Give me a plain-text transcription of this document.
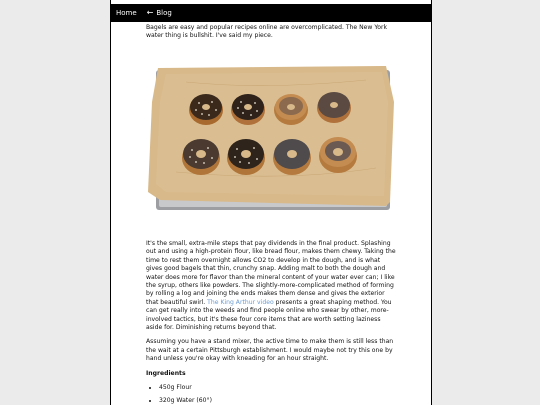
Home ← Blog

Bagels are easy and popular recipes online are overcomplicated. The New York water thing is bullshit. I've said my piece.

It's the small, extra-mile steps that pay dividends in the final product. Splashing out and using a high-protein flour, like bread flour, makes them chewy. Taking the time to rest them overnight allows CO2 to develop in the dough, and is what gives good bagels that thin, crunchy snap. Adding malt to both the dough and water does more for flavor than the mineral content of your water ever can; I like the syrup, others like powders. The slightly-more-complicated method of forming by rolling a log and joining the ends makes them dense and gives the exterior that beautiful swirl. The King Arthur video presents a great shaping method. You can get really into the weeds and find people online who swear by other, more-involved tactics, but it's these four core items that are worth setting laziness aside for. Diminishing returns beyond that.

Assuming you have a stand mixer, the active time to make them is still less than the wait at a certain Pittsburgh establishment. I would maybe not try this one by hand unless you're okay with kneading for an hour straight.

Ingredients
• 450g Flour
• 320g Water (60°)
